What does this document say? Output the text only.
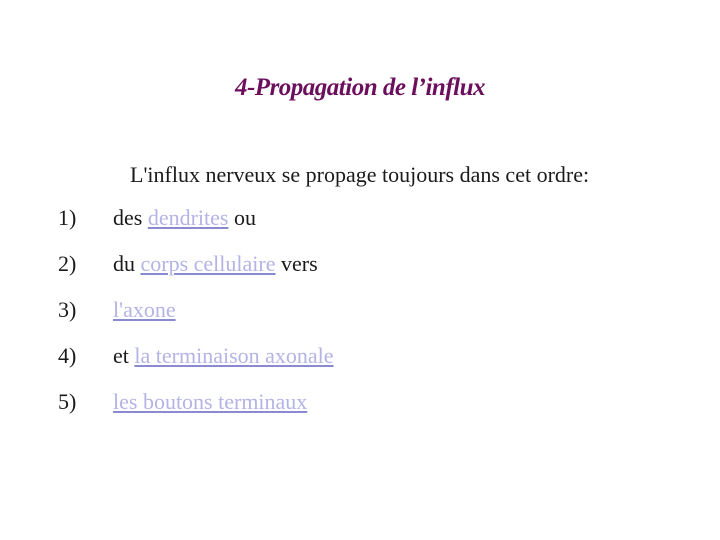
4-Propagation de l’influx
L'influx nerveux se propage toujours dans cet ordre:
1)	des dendrites ou
2)	du corps cellulaire vers
3)	l'axone
4)	et la terminaison axonale
5)	les boutons terminaux
